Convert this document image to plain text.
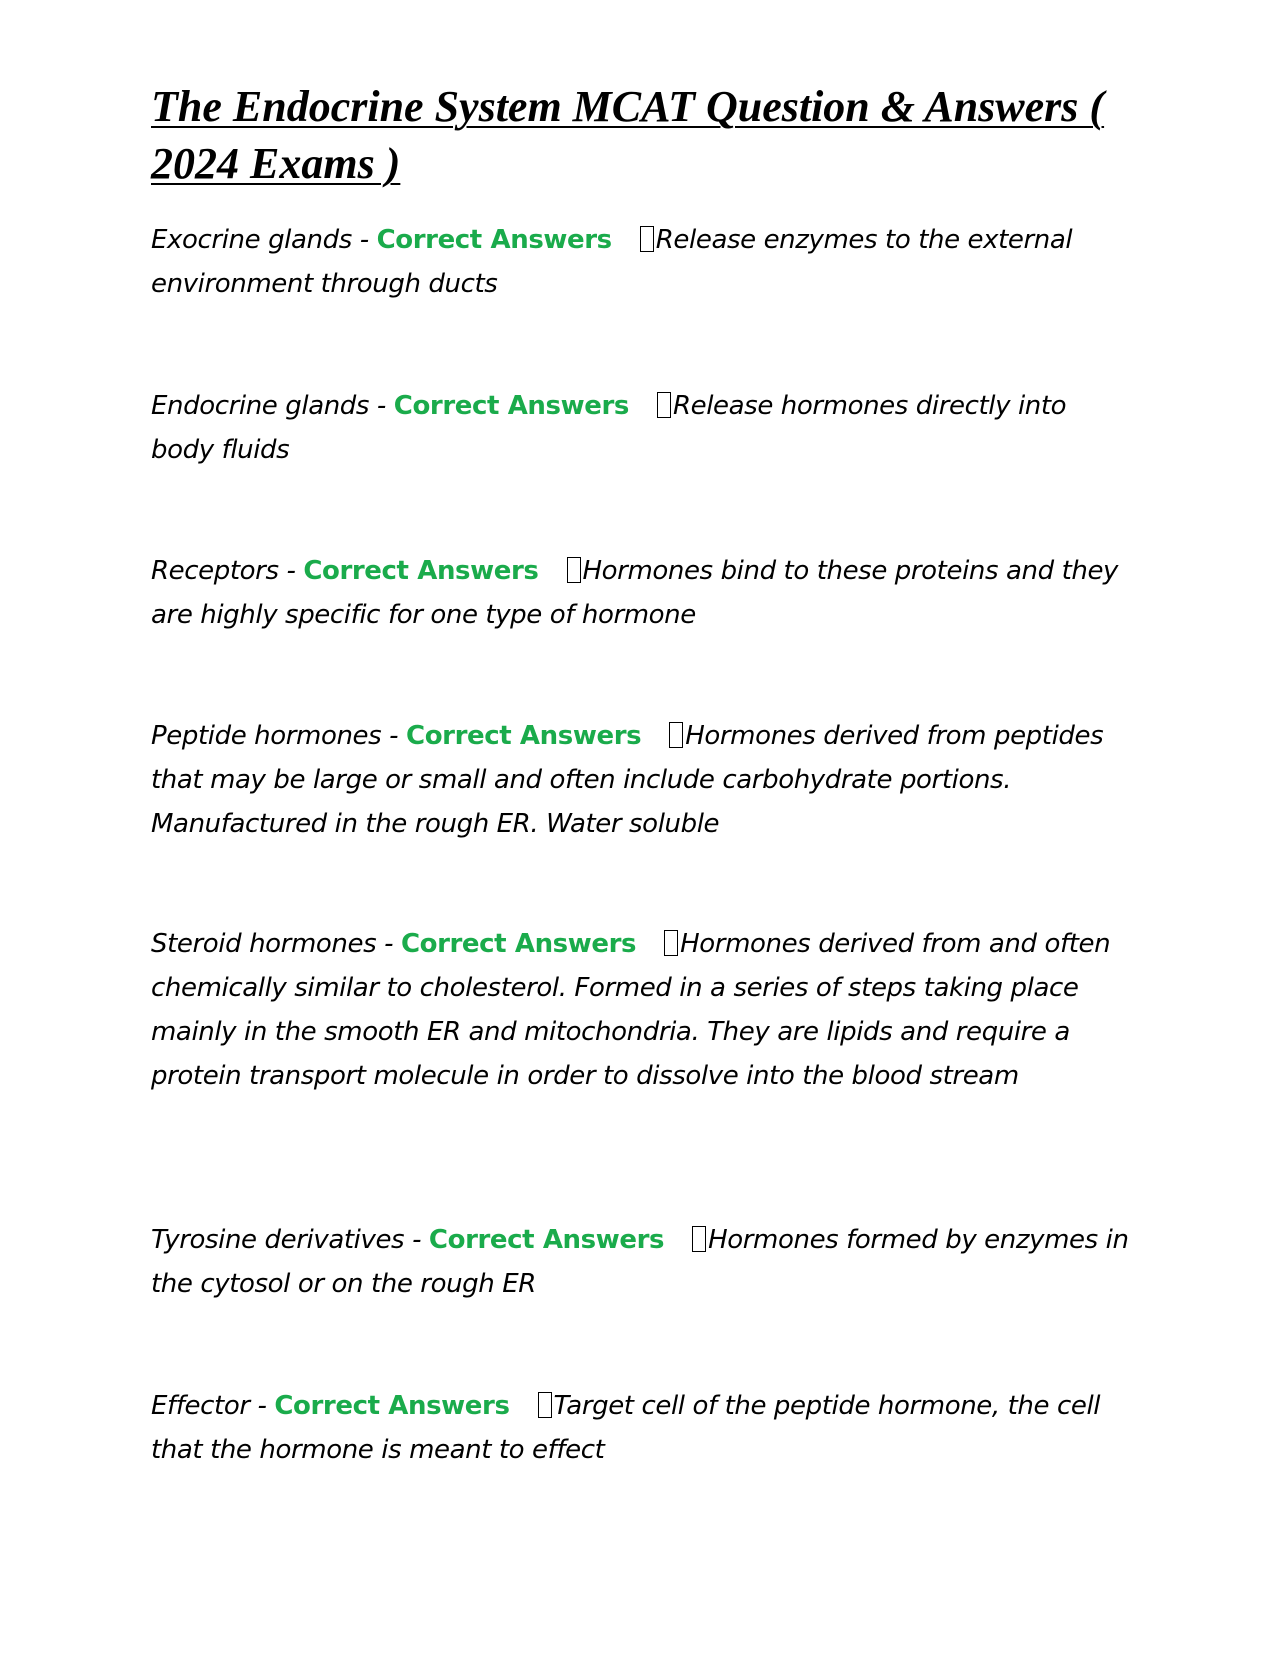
The Endocrine System MCAT Question & Answers ( 2024 Exams )

Exocrine glands - Correct Answers Release enzymes to the external environment through ducts

Endocrine glands - Correct Answers Release hormones directly into body fluids

Receptors - Correct Answers Hormones bind to these proteins and they are highly specific for one type of hormone

Peptide hormones - Correct Answers Hormones derived from peptides that may be large or small and often include carbohydrate portions. Manufactured in the rough ER. Water soluble

Steroid hormones - Correct Answers Hormones derived from and often chemically similar to cholesterol. Formed in a series of steps taking place mainly in the smooth ER and mitochondria. They are lipids and require a protein transport molecule in order to dissolve into the blood stream

Tyrosine derivatives - Correct Answers Hormones formed by enzymes in the cytosol or on the rough ER

Effector - Correct Answers Target cell of the peptide hormone, the cell that the hormone is meant to effect
